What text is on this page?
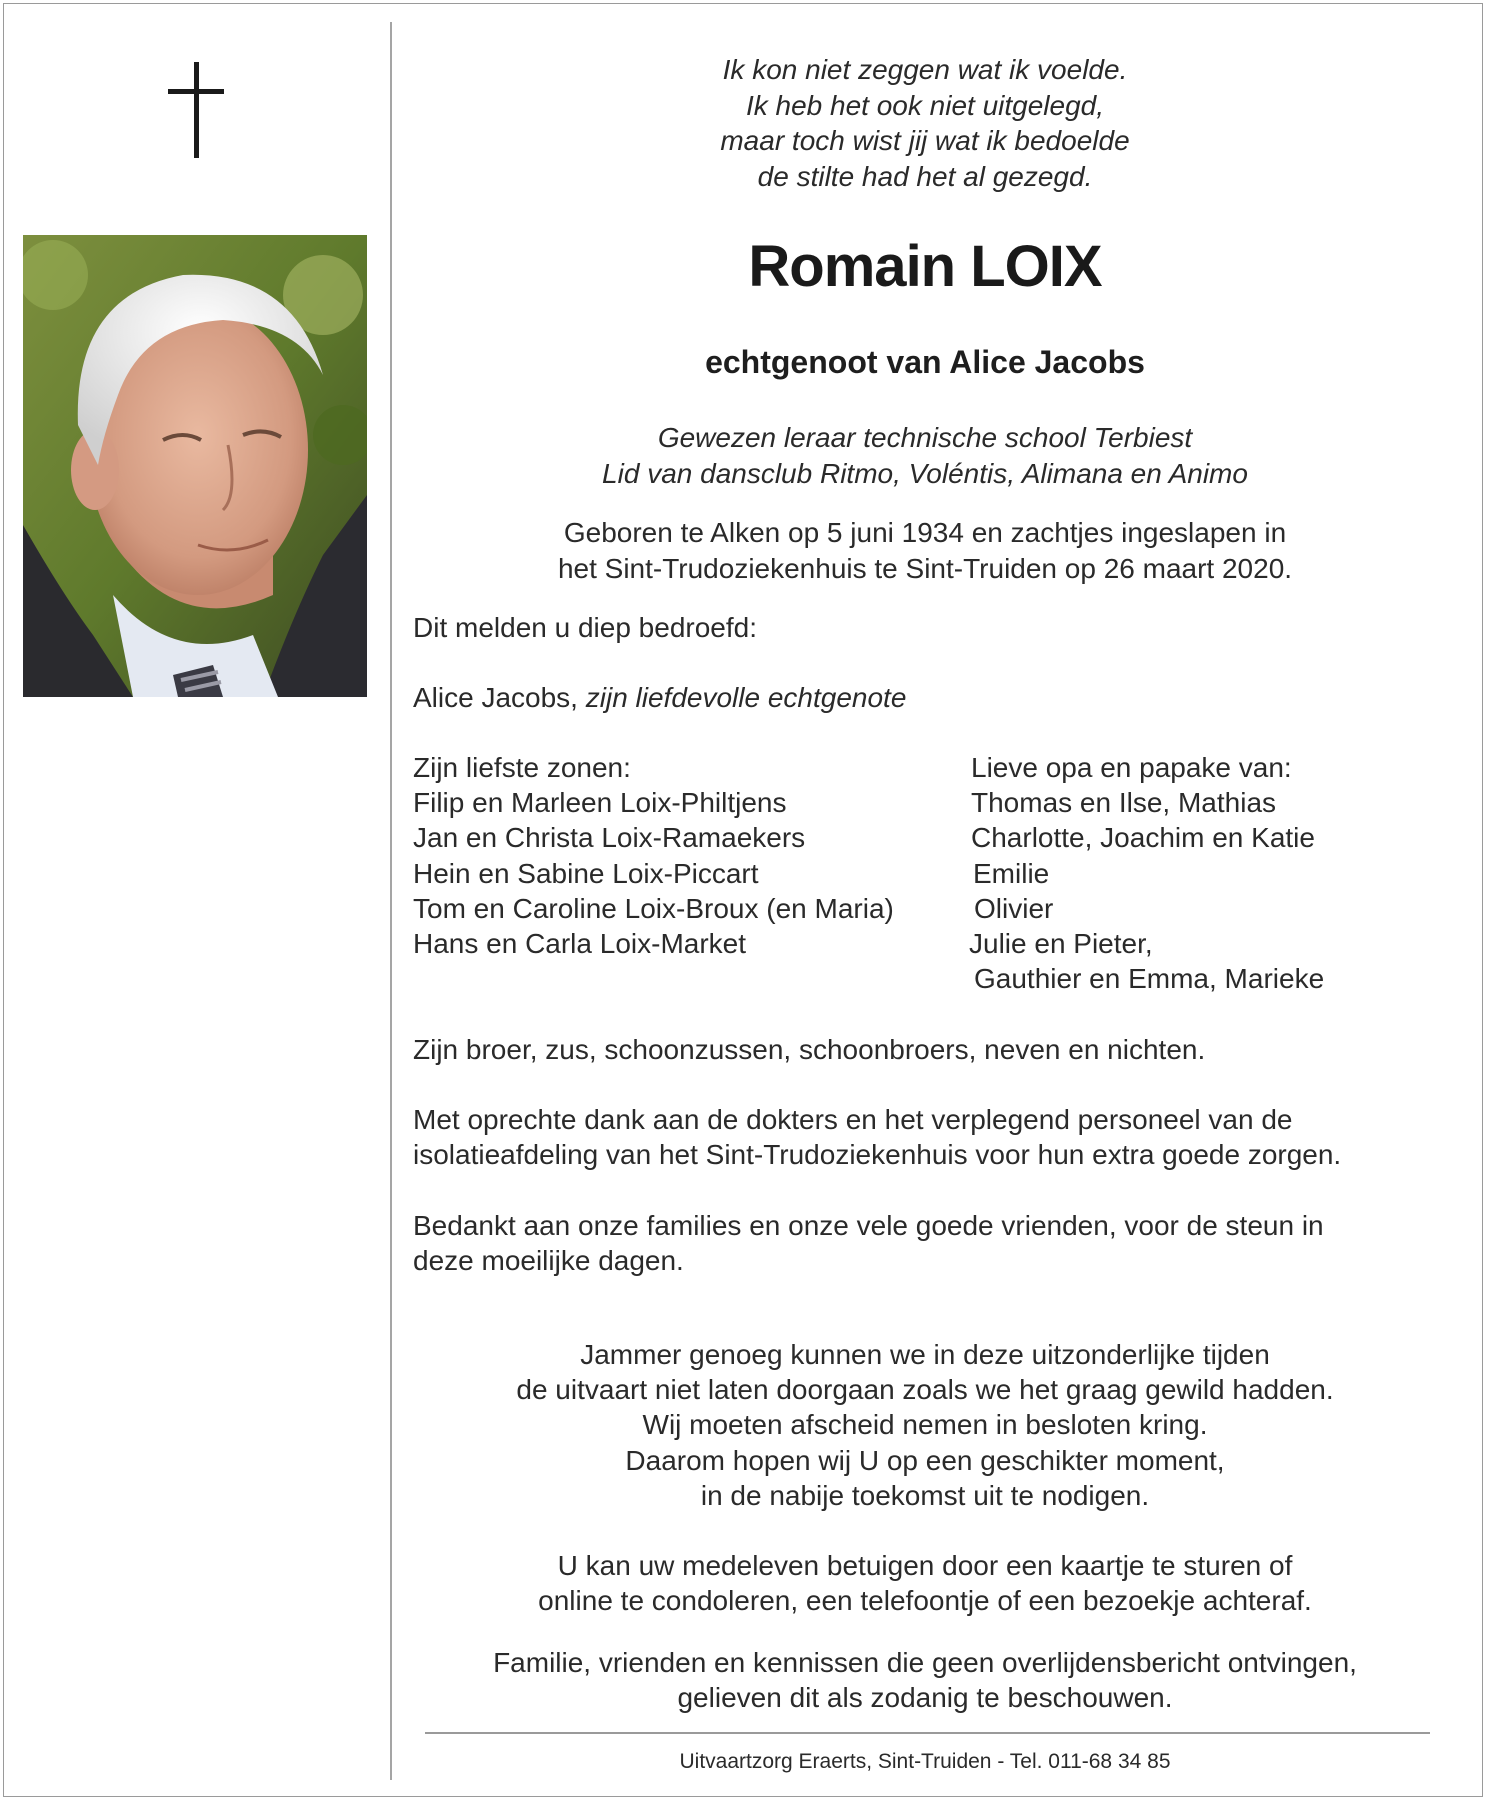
Ik kon niet zeggen wat ik voelde.
Ik heb het ook niet uitgelegd,
maar toch wist jij wat ik bedoelde
de stilte had het al gezegd.
Romain LOIX
echtgenoot van Alice Jacobs
Gewezen leraar technische school Terbiest
Lid van dansclub Ritmo, Voléntis, Alimana en Animo
Geboren te Alken op 5 juni 1934 en zachtjes ingeslapen in
het Sint-Trudoziekenhuis te Sint-Truiden op 26 maart 2020.
Dit melden u diep bedroefd:
Alice Jacobs, zijn liefdevolle echtgenote
Zijn liefste zonen:
Filip en Marleen Loix-Philtjens
Jan en Christa Loix-Ramaekers
Hein en Sabine Loix-Piccart
Tom en Caroline Loix-Broux (en Maria)
Hans en Carla Loix-Market
Lieve opa en papake van:
Thomas en Ilse, Mathias
Charlotte, Joachim en Katie
Emilie
Olivier
Julie en Pieter,
Gauthier en Emma, Marieke
Zijn broer, zus, schoonzussen, schoonbroers, neven en nichten.
Met oprechte dank aan de dokters en het verplegend personeel van de
isolatieafdeling van het Sint-Trudoziekenhuis voor hun extra goede zorgen.
Bedankt aan onze families en onze vele goede vrienden, voor de steun in
deze moeilijke dagen.
Jammer genoeg kunnen we in deze uitzonderlijke tijden
de uitvaart niet laten doorgaan zoals we het graag gewild hadden.
Wij moeten afscheid nemen in besloten kring.
Daarom hopen wij U op een geschikter moment,
in de nabije toekomst uit te nodigen.
U kan uw medeleven betuigen door een kaartje te sturen of
online te condoleren, een telefoontje of een bezoekje achteraf.
Familie, vrienden en kennissen die geen overlijdensbericht ontvingen,
gelieven dit als zodanig te beschouwen.
Uitvaartzorg Eraerts, Sint-Truiden - Tel. 011-68 34 85
